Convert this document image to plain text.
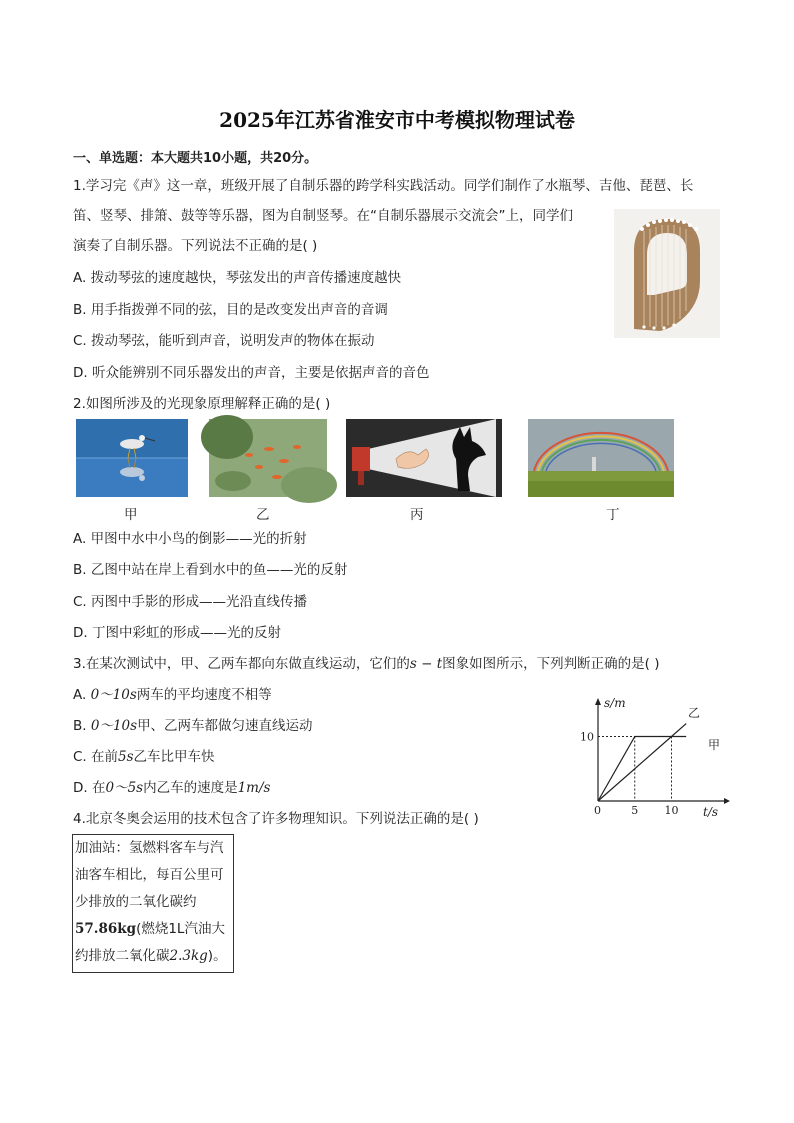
2025年江苏省淮安市中考模拟物理试卷
一、单选题：本大题共10小题，共20分。
1.学习完《声》这一章，班级开展了自制乐器的跨学科实践活动。同学们制作了水瓶琴、吉他、琵琶、长
笛、竖琴、排箫、鼓等等乐器，图为自制竖琴。在“自制乐器展示交流会”上，同学们
演奏了自制乐器。下列说法不正确的是( )
A. 拨动琴弦的速度越快，琴弦发出的声音传播速度越快
B. 用手指拨弹不同的弦，目的是改变发出声音的音调
C. 拨动琴弦，能听到声音，说明发声的物体在振动
D. 听众能辨别不同乐器发出的声音，主要是依据声音的音色
2.如图所涉及的光现象原理解释正确的是( )
甲	乙	丙	丁
A. 甲图中水中小鸟的倒影——光的折射
B. 乙图中站在岸上看到水中的鱼——光的反射
C. 丙图中手影的形成——光沿直线传播
D. 丁图中彩虹的形成——光的反射
3.在某次测试中，甲、乙两车都向东做直线运动，它们的s − t图象如图所示，下列判断正确的是( )
A. 0～10s两车的平均速度不相等
B. 0～10s甲、乙两车都做匀速直线运动
C. 在前5s乙车比甲车快
D. 在0～5s内乙车的速度是1m/s
s/m
t/s
0
10
5 10
乙
甲
4.北京冬奥会运用的技术包含了许多物理知识。下列说法正确的是( )
加油站：氢燃料客车与汽
油客车相比，每百公里可
少排放的二氧化碳约
57.86kg(燃烧1L汽油大
约排放二氧化碳2.3kg)。
